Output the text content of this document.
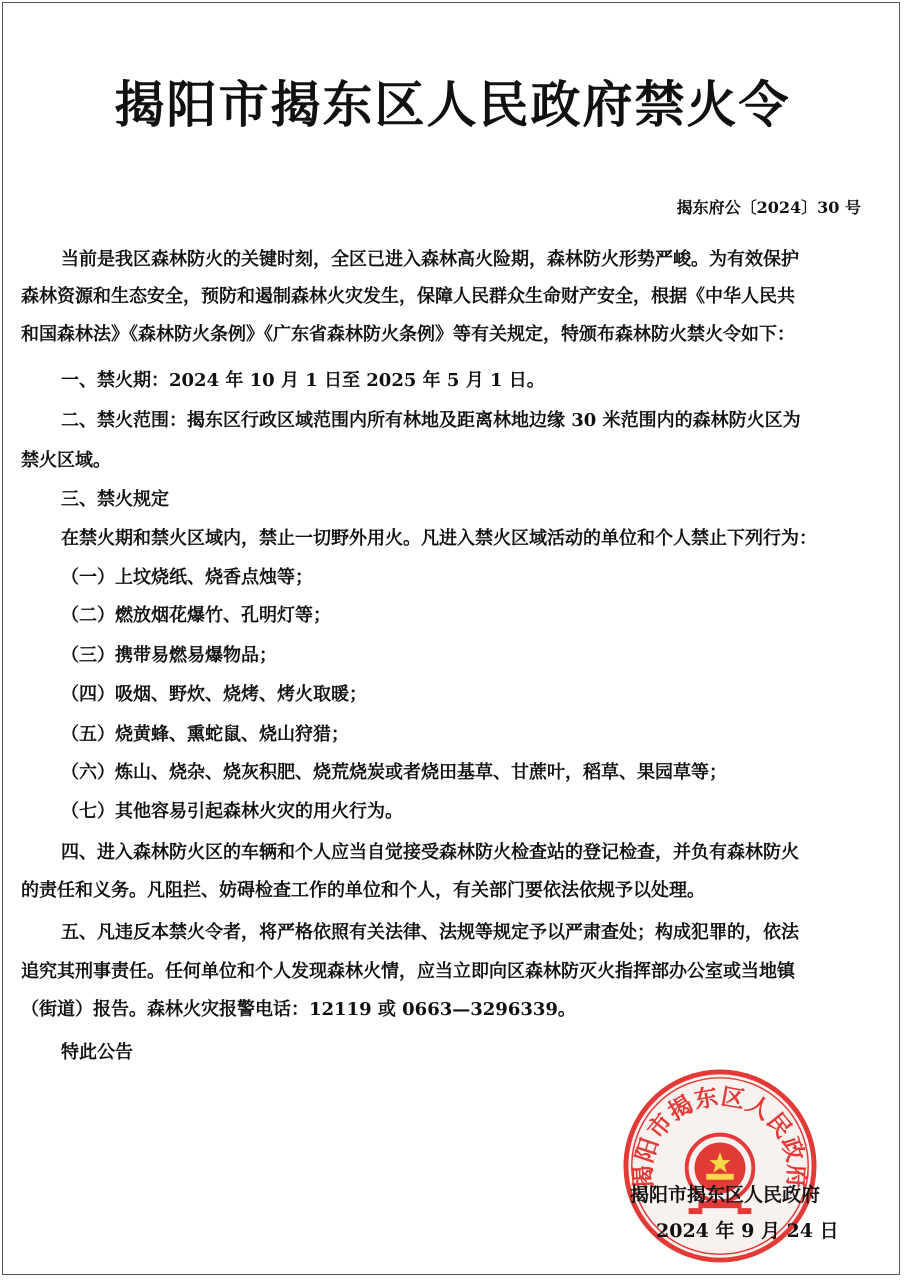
揭阳市揭东区人民政府禁火令
揭东府公〔2024〕30 号
当前是我区森林防火的关键时刻，全区已进入森林高火险期，森林防火形势严峻。为有效保护
森林资源和生态安全，预防和遏制森林火灾发生，保障人民群众生命财产安全，根据《中华人民共
和国森林法》《森林防火条例》《广东省森林防火条例》等有关规定，特颁布森林防火禁火令如下：
一、禁火期：2024 年 10 月 1 日至 2025 年 5 月 1 日。
二、禁火范围：揭东区行政区域范围内所有林地及距离林地边缘 30 米范围内的森林防火区为
禁火区域。
三、禁火规定
在禁火期和禁火区域内，禁止一切野外用火。凡进入禁火区域活动的单位和个人禁止下列行为：
（一）上坟烧纸、烧香点烛等；
（二）燃放烟花爆竹、孔明灯等；
（三）携带易燃易爆物品；
（四）吸烟、野炊、烧烤、烤火取暖；
（五）烧黄蜂、熏蛇鼠、烧山狩猎；
（六）炼山、烧杂、烧灰积肥、烧荒烧炭或者烧田基草、甘蔗叶，稻草、果园草等；
（七）其他容易引起森林火灾的用火行为。
四、进入森林防火区的车辆和个人应当自觉接受森林防火检查站的登记检查，并负有森林防火
的责任和义务。凡阻拦、妨碍检查工作的单位和个人，有关部门要依法依规予以处理。
五、凡违反本禁火令者，将严格依照有关法律、法规等规定予以严肃查处；构成犯罪的，依法
追究其刑事责任。任何单位和个人发现森林火情，应当立即向区森林防灭火指挥部办公室或当地镇
（街道）报告。森林火灾报警电话：12119 或 0663—3296339。
特此公告
揭阳市揭东区人民政府
揭阳市揭东区人民政府
2024 年 9 月 24 日
